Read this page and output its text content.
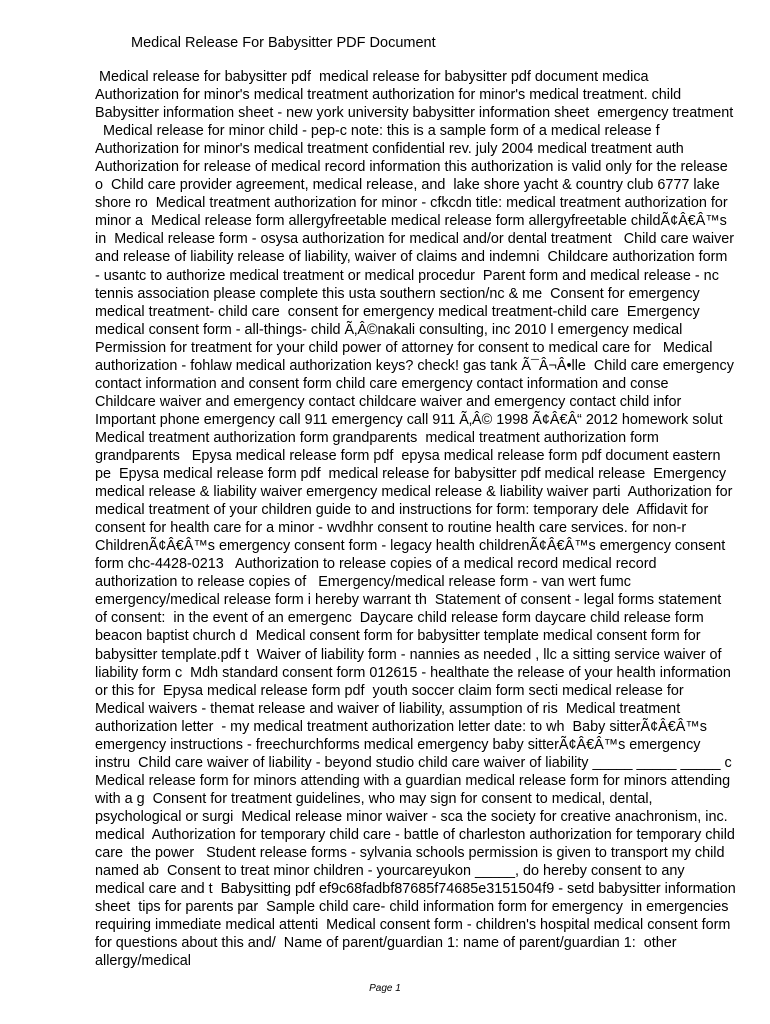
Medical Release For Babysitter PDF Document
Medical release for babysitter pdf  medical release for babysitter pdf document medica
Authorization for minor's medical treatment authorization for minor's medical treatment. child
Babysitter information sheet - new york university babysitter information sheet  emergency treatment
Medical release for minor child - pep-c note: this is a sample form of a medical release f
Authorization for minor's medical treatment confidential rev. july 2004 medical treatment auth
Authorization for release of medical record information this authorization is valid only for the release
o  Child care provider agreement, medical release, and  lake shore yacht & country club 6777 lake
shore ro  Medical treatment authorization for minor - cfkcdn title: medical treatment authorization for
minor a  Medical release form allergyfreetable medical release form allergyfreetable childÃ¢Â€Â™s
in  Medical release form - osysa authorization for medical and/or dental treatment   Child care waiver
and release of liability release of liability, waiver of claims and indemni  Childcare authorization form
- usantc to authorize medical treatment or medical procedur  Parent form and medical release - nc
tennis association please complete this usta southern section/nc & me  Consent for emergency
medical treatment- child care  consent for emergency medical treatment-child care  Emergency
medical consent form - all-things- child Ã‚Â©nakali consulting, inc 2010 l emergency medical
Permission for treatment for your child power of attorney for consent to medical care for   Medical
authorization - fohlaw medical authorization keys? check! gas tank Ã¯Â¬Â•lle  Child care emergency
contact information and consent form child care emergency contact information and conse
Childcare waiver and emergency contact childcare waiver and emergency contact child infor
Important phone emergency call 911 emergency call 911 Ã‚Â© 1998 Ã¢Â€Â“ 2012 homework solut
Medical treatment authorization form grandparents  medical treatment authorization form
grandparents   Epysa medical release form pdf  epysa medical release form pdf document eastern
pe  Epysa medical release form pdf  medical release for babysitter pdf medical release  Emergency
medical release & liability waiver emergency medical release & liability waiver parti  Authorization for
medical treatment of your children guide to and instructions for form: temporary dele  Affidavit for
consent for health care for a minor - wvdhhr consent to routine health care services. for non-r
ChildrenÃ¢Â€Â™s emergency consent form - legacy health childrenÃ¢Â€Â™s emergency consent
form chc-4428-0213   Authorization to release copies of a medical record medical record
authorization to release copies of   Emergency/medical release form - van wert fumc
emergency/medical release form i hereby warrant th  Statement of consent - legal forms statement
of consent:  in the event of an emergenc  Daycare child release form daycare child release form
beacon baptist church d  Medical consent form for babysitter template medical consent form for
babysitter template.pdf t  Waiver of liability form - nannies as needed , llc a sitting service waiver of
liability form c  Mdh standard consent form 012615 - healthate the release of your health information
or this for  Epysa medical release form pdf  youth soccer claim form secti medical release for
Medical waivers - themat release and waiver of liability, assumption of ris  Medical treatment
authorization letter  - my medical treatment authorization letter date: to wh  Baby sitterÃ¢Â€Â™s
emergency instructions - freechurchforms medical emergency baby sitterÃ¢Â€Â™s emergency
instru  Child care waiver of liability - beyond studio child care waiver of liability _____ _____ _____ c
Medical release form for minors attending with a guardian medical release form for minors attending
with a g  Consent for treatment guidelines, who may sign for consent to medical, dental,
psychological or surgi  Medical release minor waiver - sca the society for creative anachronism, inc.
medical  Authorization for temporary child care - battle of charleston authorization for temporary child
care  the power   Student release forms - sylvania schools permission is given to transport my child
named ab  Consent to treat minor children - yourcareyukon _____, do hereby consent to any
medical care and t  Babysitting pdf ef9c68fadbf87685f74685e3151504f9 - setd babysitter information
sheet  tips for parents par  Sample child care- child information form for emergency  in emergencies
requiring immediate medical attenti  Medical consent form - children's hospital medical consent form
for questions about this and/  Name of parent/guardian 1: name of parent/guardian 1:  other
allergy/medical
Page 1
